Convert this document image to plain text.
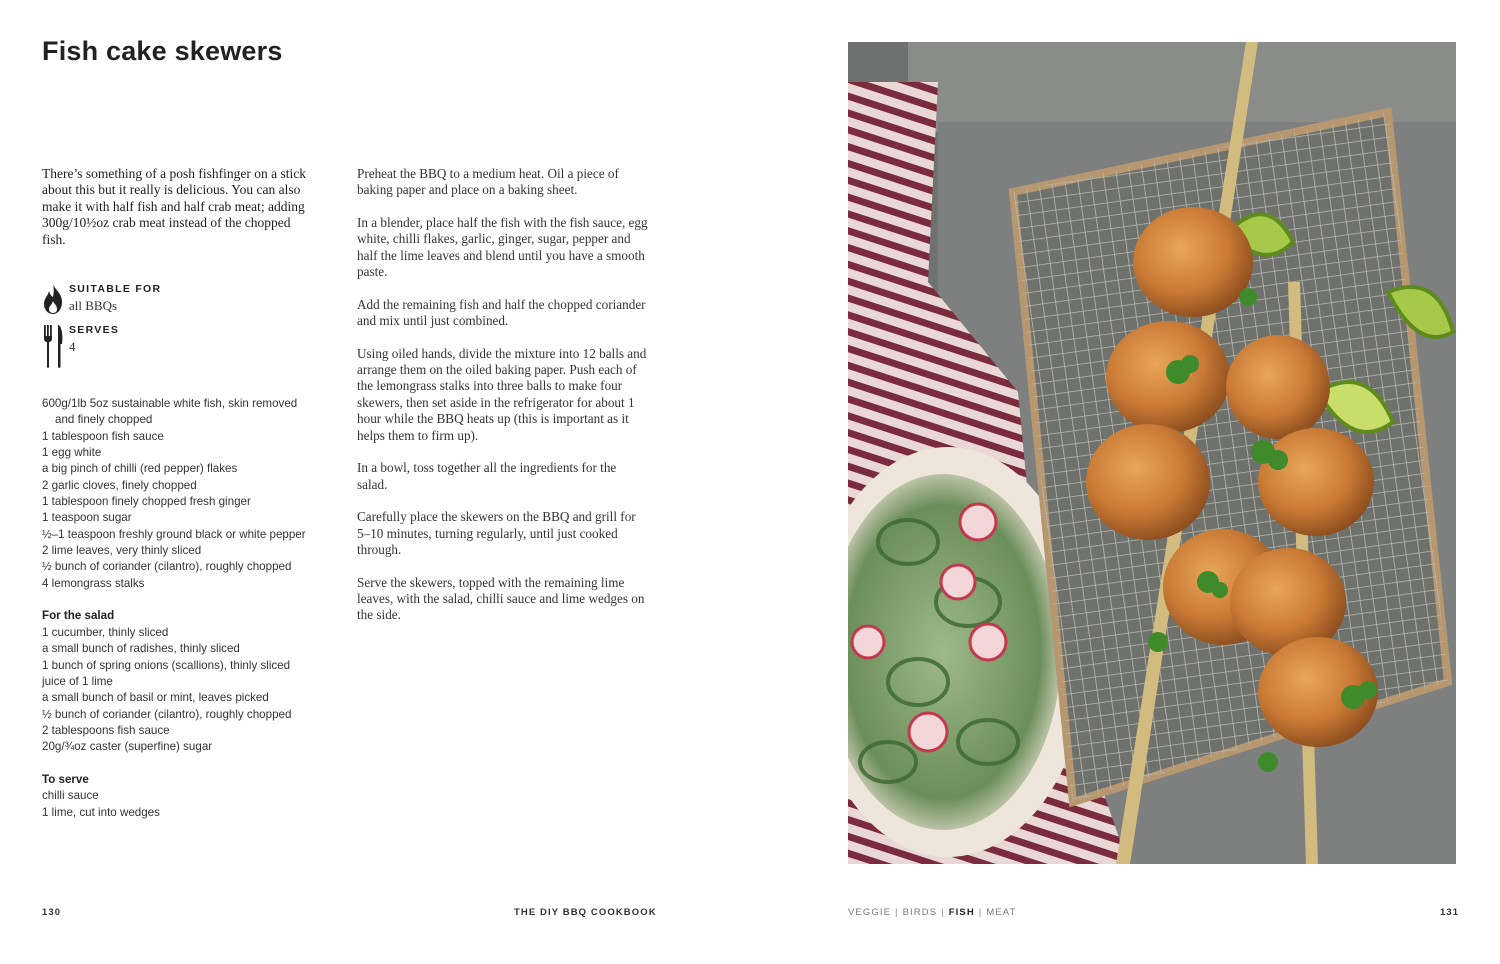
Fish cake skewers

There’s something of a posh fishfinger on a stick about this but it really is delicious. You can also make it with half fish and half crab meat; adding 300g/10½oz crab meat instead of the chopped fish.

SUITABLE FOR
all BBQs
SERVES
4
600g/1lb 5oz sustainable white fish, skin removed and finely chopped
1 tablespoon fish sauce
1 egg white
a big pinch of chilli (red pepper) flakes
2 garlic cloves, finely chopped
1 tablespoon finely chopped fresh ginger
1 teaspoon sugar
½–1 teaspoon freshly ground black or white pepper
2 lime leaves, very thinly sliced
½ bunch of coriander (cilantro), roughly chopped
4 lemongrass stalks
For the salad
1 cucumber, thinly sliced
a small bunch of radishes, thinly sliced
1 bunch of spring onions (scallions), thinly sliced
juice of 1 lime
a small bunch of basil or mint, leaves picked
½ bunch of coriander (cilantro), roughly chopped
2 tablespoons fish sauce
20g/¾oz caster (superfine) sugar
To serve
chilli sauce
1 lime, cut into wedges

Preheat the BBQ to a medium heat. Oil a piece of baking paper and place on a baking sheet.

In a blender, place half the fish with the fish sauce, egg white, chilli flakes, garlic, ginger, sugar, pepper and half the lime leaves and blend until you have a smooth paste.

Add the remaining fish and half the chopped coriander and mix until just combined.

Using oiled hands, divide the mixture into 12 balls and arrange them on the oiled baking paper. Push each of the lemongrass stalks into three balls to make four skewers, then set aside in the refrigerator for about 1 hour while the BBQ heats up (this is important as it helps them to firm up).

In a bowl, toss together all the ingredients for the salad.

Carefully place the skewers on the BBQ and grill for 5–10 minutes, turning regularly, until just cooked through.

Serve the skewers, topped with the remaining lime leaves, with the salad, chilli sauce and lime wedges on the side.

130	THE DIY BBQ COOKBOOK	VEGGIE | BIRDS | FISH | MEAT	131
